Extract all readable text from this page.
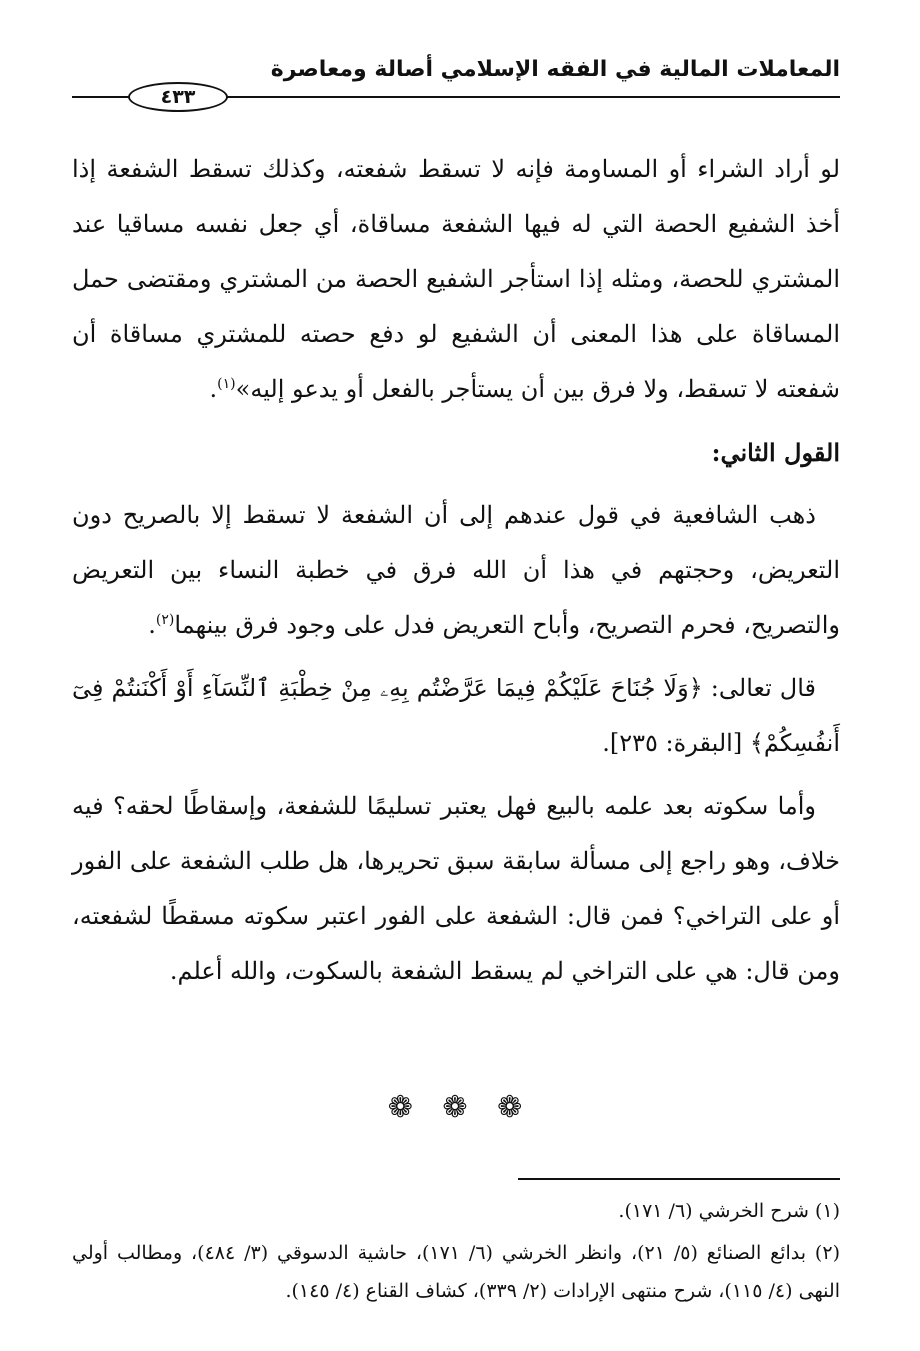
المعاملات المالية في الفقه الإسلامي أصالة ومعاصرة
٤٣٣

لو أراد الشراء أو المساومة فإنه لا تسقط شفعته، وكذلك تسقط الشفعة إذا أخذ الشفيع الحصة التي له فيها الشفعة مساقاة، أي جعل نفسه مساقيا عند المشتري للحصة، ومثله إذا استأجر الشفيع الحصة من المشتري ومقتضى حمل المساقاة على هذا المعنى أن الشفيع لو دفع حصته للمشتري مساقاة أن شفعته لا تسقط، ولا فرق بين أن يستأجر بالفعل أو يدعو إليه»$^{(١)}$.

القول الثاني:

ذهب الشافعية في قول عندهم إلى أن الشفعة لا تسقط إلا بالصريح دون التعريض، وحجتهم في هذا أن الله فرق في خطبة النساء بين التعريض والتصريح، فحرم التصريح، وأباح التعريض فدل على وجود فرق بينهما$^{(٢)}$.

قال تعالى: ﴿وَلَا جُنَاحَ عَلَيْكُمْ فِيمَا عَرَّضْتُم بِهِۦ مِنْ خِطْبَةِ ٱلنِّسَآءِ أَوْ أَكْنَنتُمْ فِىٓ أَنفُسِكُمْ﴾ [البقرة: ٢٣٥].

وأما سكوته بعد علمه بالبيع فهل يعتبر تسليمًا للشفعة، وإسقاطًا لحقه؟ فيه خلاف، وهو راجع إلى مسألة سابقة سبق تحريرها، هل طلب الشفعة على الفور أو على التراخي؟ فمن قال: الشفعة على الفور اعتبر سكوته مسقطًا لشفعته، ومن قال: هي على التراخي لم يسقط الشفعة بالسكوت، والله أعلم.

❁ ❁ ❁

(١) شرح الخرشي (٦/ ١٧١).

(٢) بدائع الصنائع (٥/ ٢١)، وانظر الخرشي (٦/ ١٧١)، حاشية الدسوقي (٣/ ٤٨٤)، ومطالب أولي النهى (٤/ ١١٥)، شرح منتهى الإرادات (٢/ ٣٣٩)، كشاف القناع (٤/ ١٤٥).
